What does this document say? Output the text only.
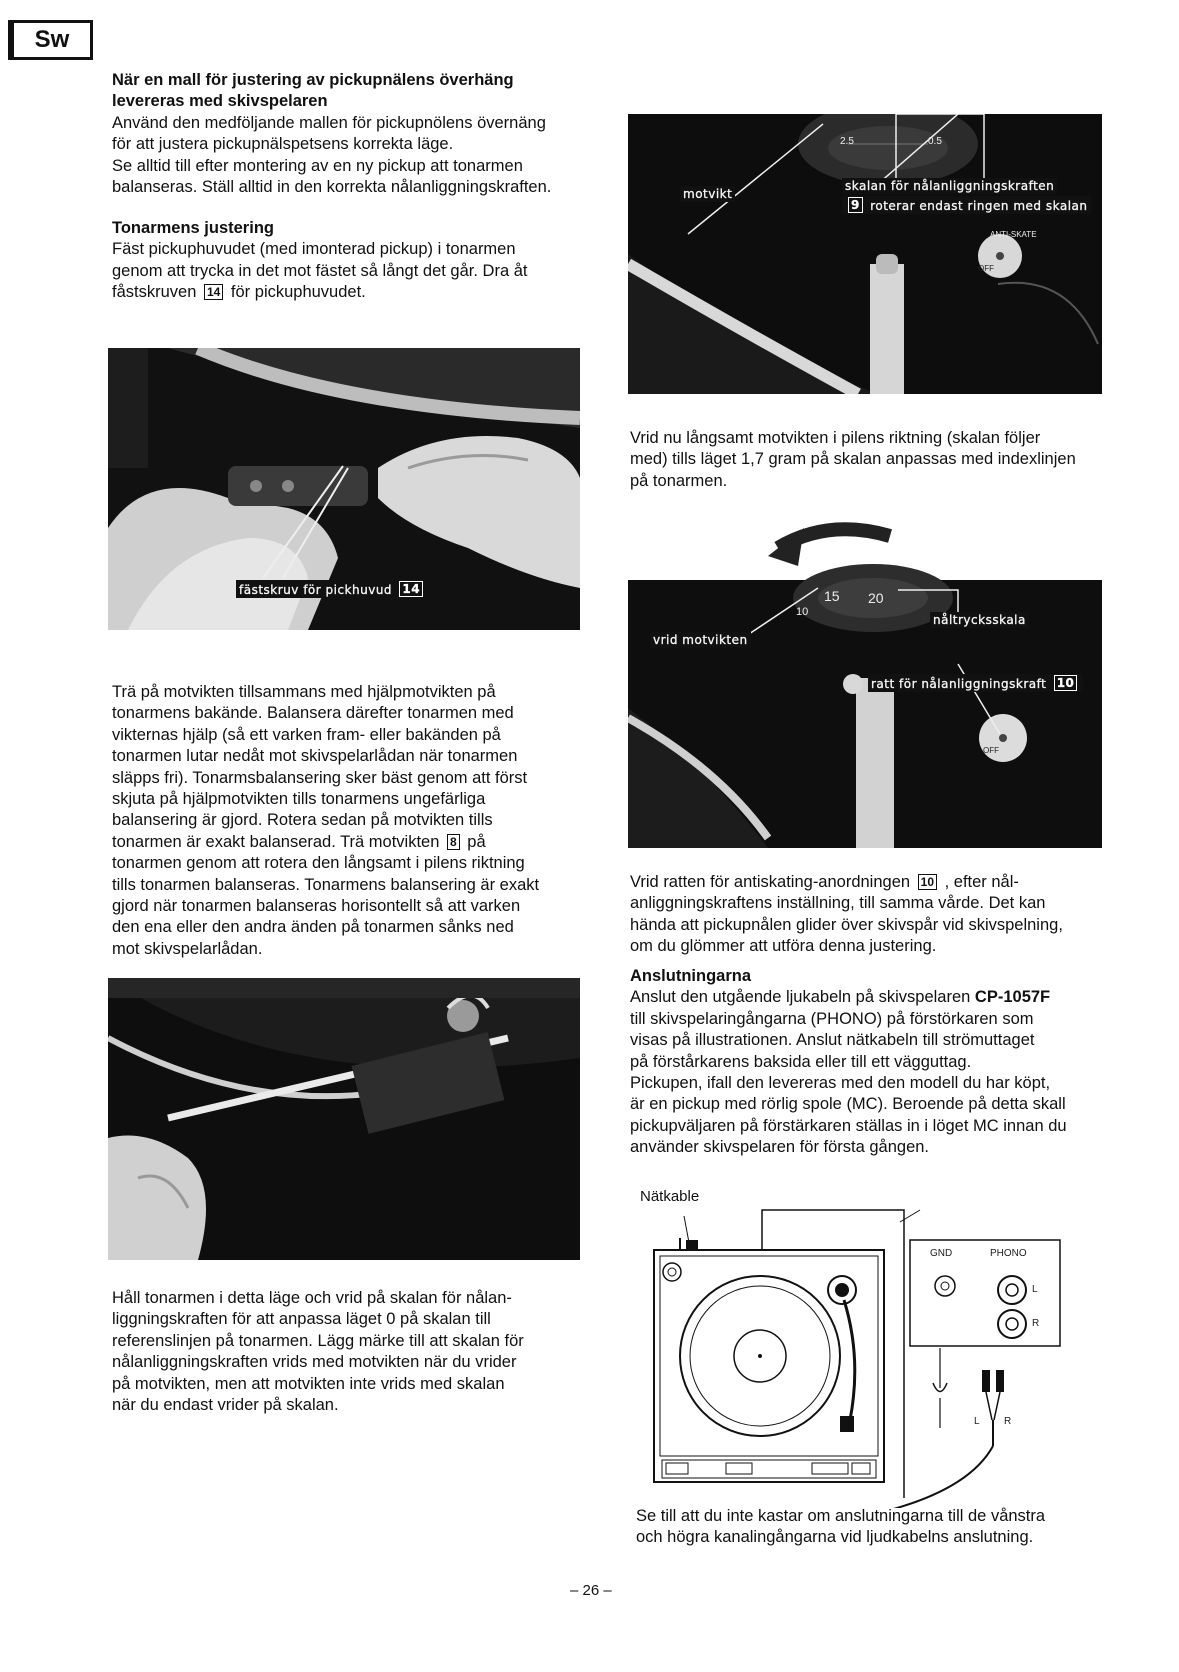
Sw
När en mall för justering av pickupnälens överhäng levereras med skivspelaren
Använd den medföljande mallen för pickupnölens övernäng
för att justera pickupnälspetsens korrekta läge.
Se alltid till efter montering av en ny pickup att tonarmen
balanseras. Ställ alltid in den korrekta nålanliggningskraften.
Tonarmens justering
Fäst pickuphuvudet (med imonterad pickup) i tonarmen
genom att trycka in det mot fästet så långt det går. Dra åt
fåstskruven 14 för pickuphuvudet.
fästskruv för pickhuvud 14
Trä på motvikten tillsammans med hjälpmotvikten på
tonarmens bakände. Balansera därefter tonarmen med
vikternas hjälp (så ett varken fram- eller bakänden på
tonarmen lutar nedåt mot skivspelarlådan när tonarmen
släpps fri). Tonarmsbalansering sker bäst genom att först
skjuta på hjälpmotvikten tills tonarmens ungefärliga
balansering är gjord. Rotera sedan på motvikten tills
tonarmen är exakt balanserad. Trä motvikten 8 på
tonarmen genom att rotera den långsamt i pilens riktning
tills tonarmen balanseras. Tonarmens balansering är exakt
gjord när tonarmen balanseras horisontellt så att varken
den ena eller den andra änden på tonarmen sånks ned
mot skivspelarlådan.
Håll tonarmen i detta läge och vrid på skalan för nålan-
liggningskraften för att anpassa läget 0 på skalan till
referenslinjen på tonarmen. Lägg märke till att skalan för
nålanliggningskraften vrids med motvikten när du vrider
på motvikten, men att motvikten inte vrids med skalan
när du endast vrider på skalan.
2.5	0.5
OFF
ANTI-SKATE
motvikt
skalan för nålanliggningskraften
9 roterar endast ringen med skalan
Vrid nu långsamt motvikten i pilens riktning (skalan följer
med) tills läget 1,7 gram på skalan anpassas med indexlinjen
på tonarmen.
15 20
10
OFF
vrid motvikten
nåltrycksskala
ratt för nålanliggningskraft 10
Vrid ratten för antiskating-anordningen 10 , efter nål-
anliggningskraftens inställning, till samma vårde. Det kan
hända att pickupnålen glider över skivspår vid skivspelning,
om du glömmer att utföra denna justering.
Anslutningarna
Anslut den utgående ljukabeln på skivspelaren CP-1057F
till skivspelaringångarna (PHONO) på förstörkaren som
visas på illustrationen. Anslut nätkabeln till strömuttaget
på förstårkarens baksida eller till ett vägguttag.
Pickupen, ifall den levereras med den modell du har köpt,
är en pickup med rörlig spole (MC). Beroende på detta skall
pickupväljaren på förstärkaren ställas in i löget MC innan du
använder skivspelaren för första gången.
Nätkable
GND	PHONO
L
R
L R
Se till att du inte kastar om anslutningarna till de vånstra
och högra kanalingångarna vid ljudkabelns anslutning.
– 26 –
